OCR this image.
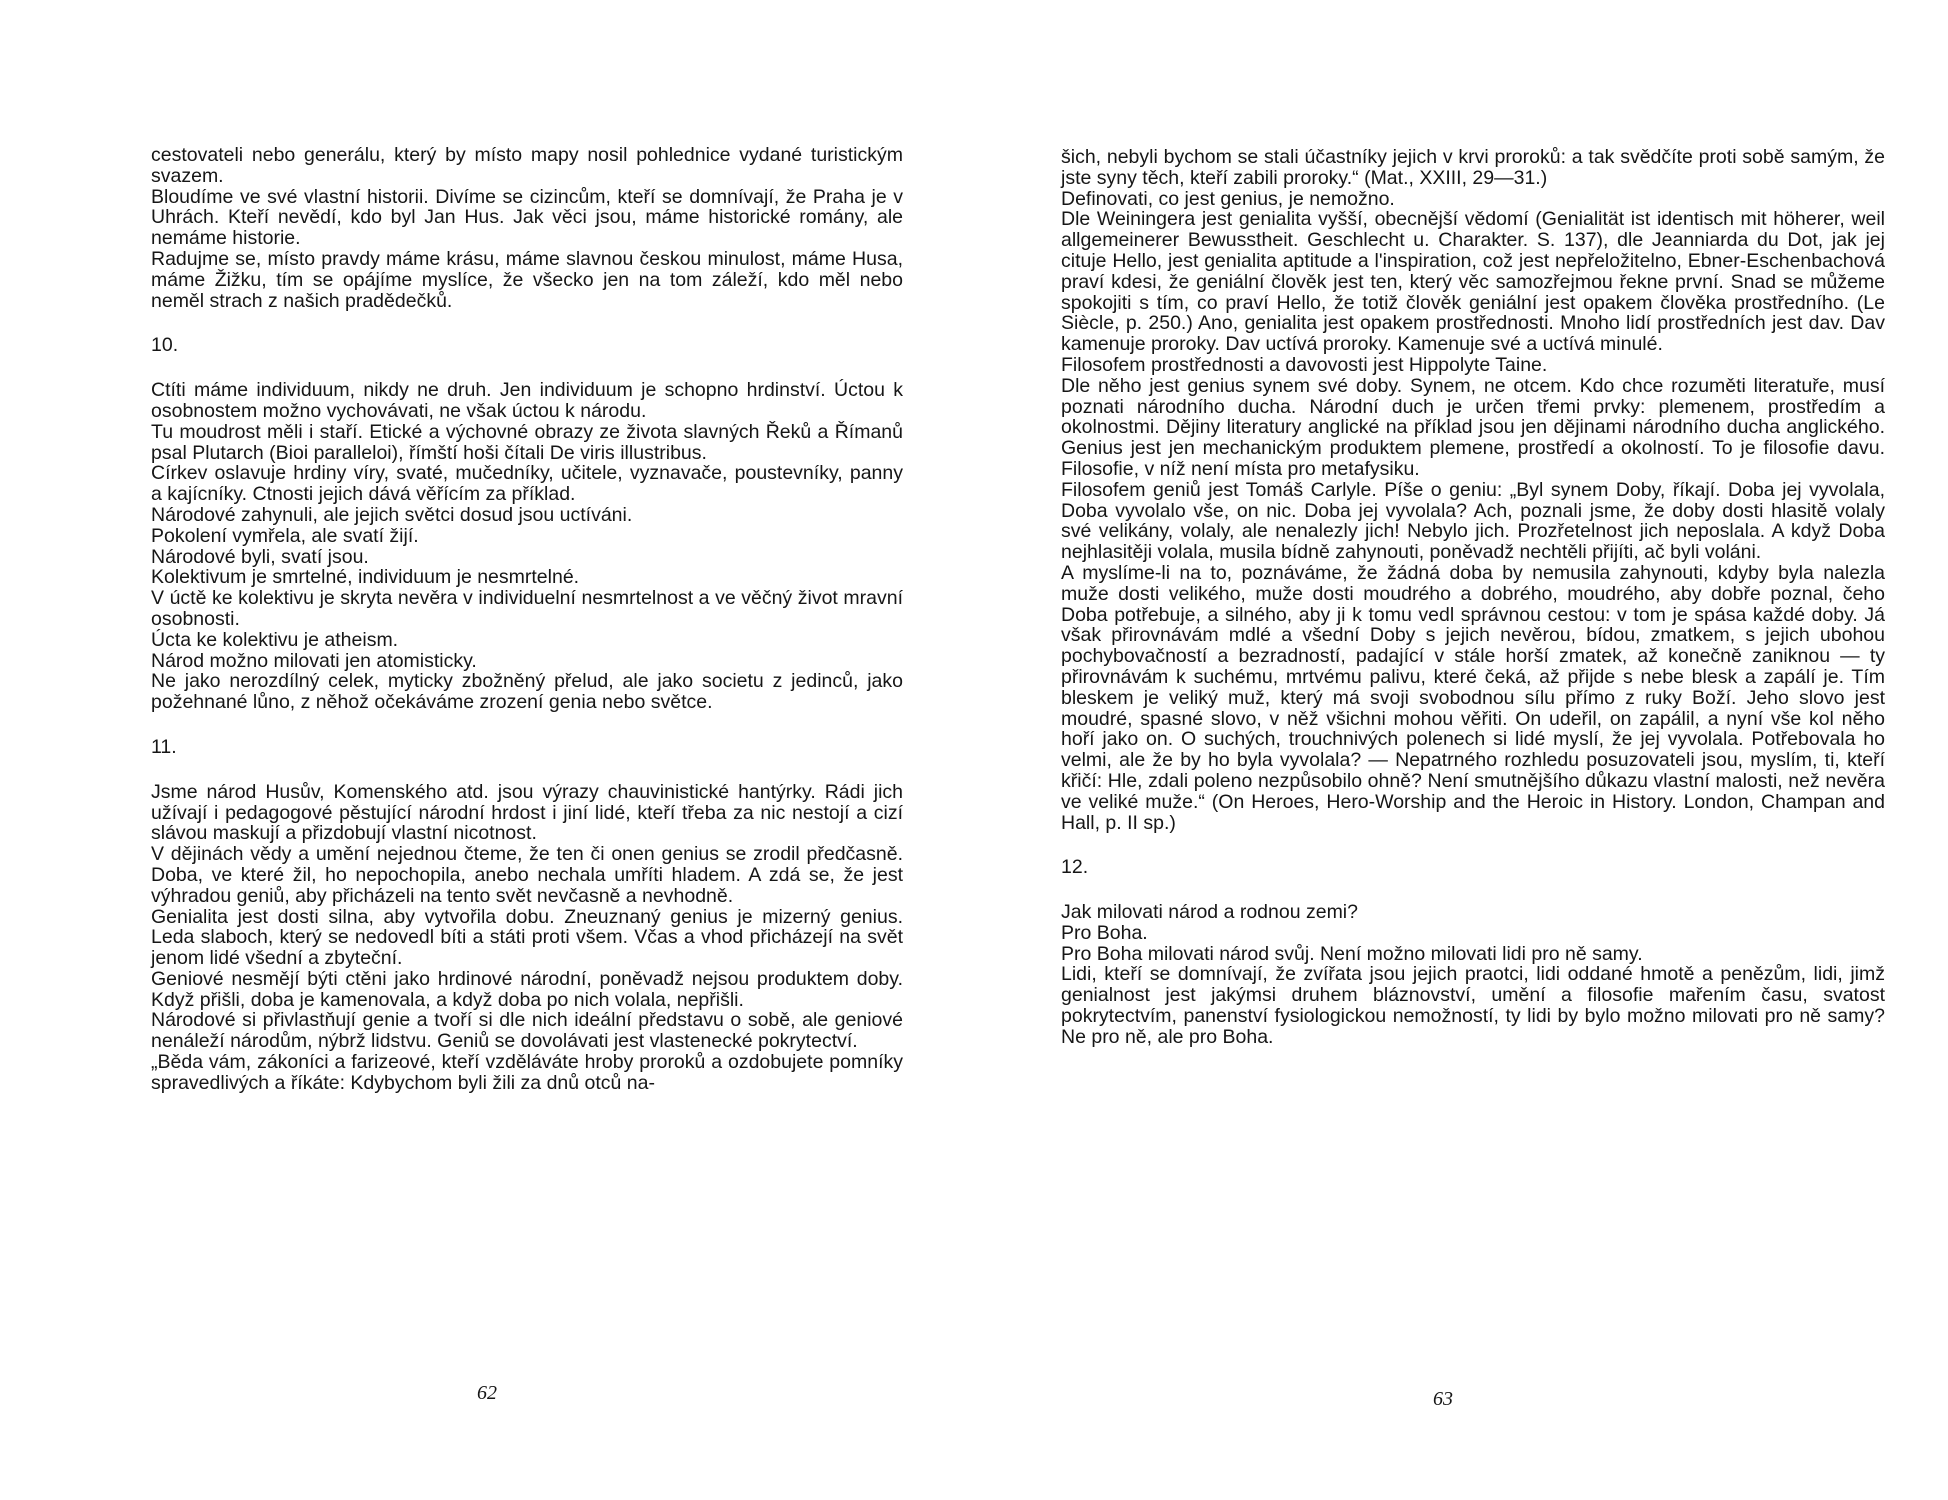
cestovateli nebo generálu, který by místo mapy nosil pohlednice vydané turistickým svazem.

Bloudíme ve své vlastní historii. Divíme se cizincům, kteří se domnívají, že Praha je v Uhrách. Kteří nevědí, kdo byl Jan Hus. Jak věci jsou, máme historické romány, ale nemáme historie.

Radujme se, místo pravdy máme krásu, máme slavnou českou minulost, máme Husa, máme Žižku, tím se opájíme myslíce, že všecko jen na tom záleží, kdo měl nebo neměl strach z našich pradědečků.

10.

Ctíti máme individuum, nikdy ne druh. Jen individuum je schopno hrdinství. Úctou k osobnostem možno vychovávati, ne však úctou k národu.

Tu moudrost měli i staří. Etické a výchovné obrazy ze života slavných Řeků a Římanů psal Plutarch (Bioi paralleloi), římští hoši čítali De viris illustribus.

Církev oslavuje hrdiny víry, svaté, mučedníky, učitele, vyznavače, poustevníky, panny a kajícníky. Ctnosti jejich dává věřícím za příklad.

Národové zahynuli, ale jejich světci dosud jsou uctíváni.

Pokolení vymřela, ale svatí žijí.

Národové byli, svatí jsou.

Kolektivum je smrtelné, individuum je nesmrtelné.

V úctě ke kolektivu je skryta nevěra v individuelní nesmrtelnost a ve věčný život mravní osobnosti.

Úcta ke kolektivu je atheism.

Národ možno milovati jen atomisticky.

Ne jako nerozdílný celek, myticky zbožněný přelud, ale jako societu z jedinců, jako požehnané lůno, z něhož očekáváme zrození genia nebo světce.

11.

Jsme národ Husův, Komenského atd. jsou výrazy chauvinistické hantýrky. Rádi jich užívají i pedagogové pěstující národní hrdost i jiní lidé, kteří třeba za nic nestojí a cizí slávou maskují a přizdobují vlastní nicotnost.

V dějinách vědy a umění nejednou čteme, že ten či onen genius se zrodil předčasně. Doba, ve které žil, ho nepochopila, anebo nechala umříti hladem. A zdá se, že jest výhradou geniů, aby přicházeli na tento svět nevčasně a nevhodně.

Genialita jest dosti silna, aby vytvořila dobu. Zneuznaný genius je mizerný genius. Leda slaboch, který se nedovedl bíti a státi proti všem. Včas a vhod přicházejí na svět jenom lidé všední a zbyteční.

Geniové nesmějí býti ctěni jako hrdinové národní, poněvadž nejsou produktem doby. Když přišli, doba je kamenovala, a když doba po nich volala, nepřišli.

Národové si přivlastňují genie a tvoří si dle nich ideální představu o sobě, ale geniové nenáleží národům, nýbrž lidstvu. Geniů se dovolávati jest vlastenecké pokrytectví.

„Běda vám, zákoníci a farizeové, kteří vzděláváte hroby proroků a ozdobujete pomníky spravedlivých a říkáte: Kdybychom byli žili za dnů otců na-

62

šich, nebyli bychom se stali účastníky jejich v krvi proroků: a tak svědčíte proti sobě samým, že jste syny těch, kteří zabili proroky.“ (Mat., XXIII, 29—31.)

Definovati, co jest genius, je nemožno.

Dle Weiningera jest genialita vyšší, obecnější vědomí (Genialität ist identisch mit höherer, weil allgemeinerer Bewusstheit. Geschlecht u. Charakter. S. 137), dle Jeanniarda du Dot, jak jej cituje Hello, jest genialita aptitude a l'inspiration, což jest nepřeložitelno, Ebner-Eschenbachová praví kdesi, že geniální člověk jest ten, který věc samozřejmou řekne první. Snad se můžeme spokojiti s tím, co praví Hello, že totiž člověk geniální jest opakem člověka prostředního. (Le Siècle, p. 250.) Ano, genialita jest opakem prostřednosti. Mnoho lidí prostředních jest dav. Dav kamenuje proroky. Dav uctívá proroky. Kamenuje své a uctívá minulé.

Filosofem prostřednosti a davovosti jest Hippolyte Taine.

Dle něho jest genius synem své doby. Synem, ne otcem. Kdo chce rozuměti literatuře, musí poznati národního ducha. Národní duch je určen třemi prvky: plemenem, prostředím a okolnostmi. Dějiny literatury anglické na příklad jsou jen dějinami národního ducha anglického. Genius jest jen mechanickým produktem plemene, prostředí a okolností. To je filosofie davu. Filosofie, v níž není místa pro metafysiku.

Filosofem geniů jest Tomáš Carlyle. Píše o geniu: „Byl synem Doby, říkají. Doba jej vyvolala, Doba vyvolalo vše, on nic. Doba jej vyvolala? Ach, poznali jsme, že doby dosti hlasitě volaly své velikány, volaly, ale nenalezly jich! Nebylo jich. Prozřetelnost jich neposlala. A když Doba nejhlasitěji volala, musila bídně zahynouti, poněvadž nechtěli přijíti, ač byli voláni.

A myslíme-li na to, poznáváme, že žádná doba by nemusila zahynouti, kdyby byla nalezla muže dosti velikého, muže dosti moudrého a dobrého, moudrého, aby dobře poznal, čeho Doba potřebuje, a silného, aby ji k tomu vedl správnou cestou: v tom je spása každé doby. Já však přirovnávám mdlé a všední Doby s jejich nevěrou, bídou, zmatkem, s jejich ubohou pochybovačností a bezradností, padající v stále horší zmatek, až konečně zaniknou — ty přirovnávám k suchému, mrtvému palivu, které čeká, až přijde s nebe blesk a zapálí je. Tím bleskem je veliký muž, který má svoji svobodnou sílu přímo z ruky Boží. Jeho slovo jest moudré, spasné slovo, v něž všichni mohou věřiti. On udeřil, on zapálil, a nyní vše kol něho hoří jako on. O suchých, trouchnivých polenech si lidé myslí, že jej vyvolala. Potřebovala ho velmi, ale že by ho byla vyvolala? — Nepatrného rozhledu posuzovateli jsou, myslím, ti, kteří křičí: Hle, zdali poleno nezpůsobilo ohně? Není smutnějšího důkazu vlastní malosti, než nevěra ve veliké muže.“ (On Heroes, Hero-Worship and the Heroic in History. London, Champan and Hall, p. II sp.)

12.

Jak milovati národ a rodnou zemi?

Pro Boha.

Pro Boha milovati národ svůj. Není možno milovati lidi pro ně samy.

Lidi, kteří se domnívají, že zvířata jsou jejich praotci, lidi oddané hmotě a penězům, lidi, jimž genialnost jest jakýmsi druhem bláznovství, umění a filosofie mařením času, svatost pokrytectvím, panenství fysiologickou nemožností, ty lidi by bylo možno milovati pro ně samy? Ne pro ně, ale pro Boha.

63
